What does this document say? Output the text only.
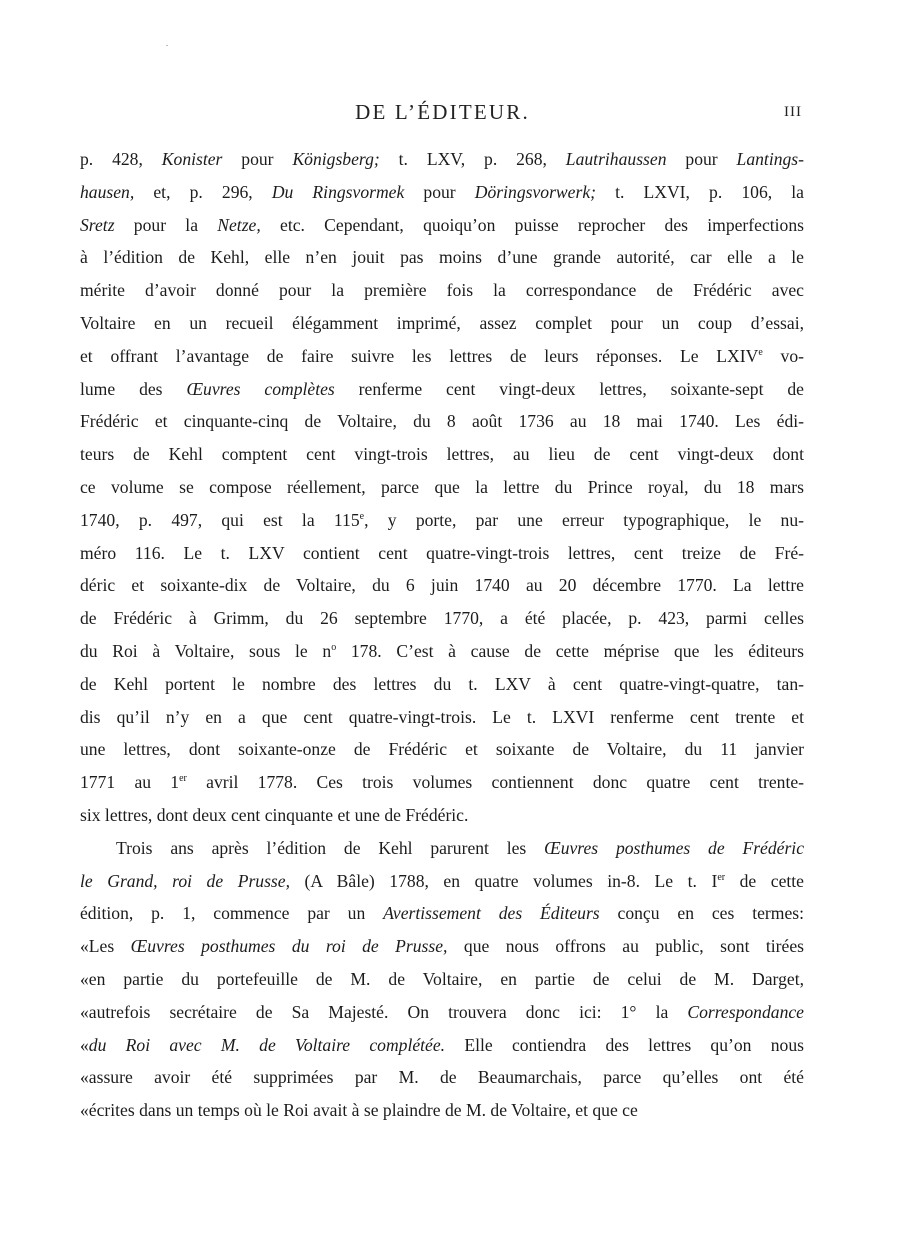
DE L’ÉDITEUR.	III
p. 428, Konister pour Königsberg; t. LXV, p. 268, Lautrihaussen pour Lantings-
hausen, et, p. 296, Du Ringsvormek pour Döringsvorwerk; t. LXVI, p. 106, la
Sretz pour la Netze, etc. Cependant, quoiqu’on puisse reprocher des imperfections
à l’édition de Kehl, elle n’en jouit pas moins d’une grande autorité, car elle a le
mérite d’avoir donné pour la première fois la correspondance de Frédéric avec
Voltaire en un recueil élégamment imprimé, assez complet pour un coup d’essai,
et offrant l’avantage de faire suivre les lettres de leurs réponses. Le LXIVe vo-
lume des Œuvres complètes renferme cent vingt-deux lettres, soixante-sept de
Frédéric et cinquante-cinq de Voltaire, du 8 août 1736 au 18 mai 1740. Les édi-
teurs de Kehl comptent cent vingt-trois lettres, au lieu de cent vingt-deux dont
ce volume se compose réellement, parce que la lettre du Prince royal, du 18 mars
1740, p. 497, qui est la 115e, y porte, par une erreur typographique, le nu-
méro 116. Le t. LXV contient cent quatre-vingt-trois lettres, cent treize de Fré-
déric et soixante-dix de Voltaire, du 6 juin 1740 au 20 décembre 1770. La lettre
de Frédéric à Grimm, du 26 septembre 1770, a été placée, p. 423, parmi celles
du Roi à Voltaire, sous le $n^o$ 178. C’est à cause de cette méprise que les éditeurs
de Kehl portent le nombre des lettres du t. LXV à cent quatre-vingt-quatre, tan-
dis qu’il n’y en a que cent quatre-vingt-trois. Le t. LXVI renferme cent trente et
une lettres, dont soixante-onze de Frédéric et soixante de Voltaire, du 11 janvier
1771 au 1er avril 1778. Ces trois volumes contiennent donc quatre cent trente-
six lettres, dont deux cent cinquante et une de Frédéric.
Trois ans après l’édition de Kehl parurent les Œuvres posthumes de Frédéric
le Grand, roi de Prusse, (A Bâle) 1788, en quatre volumes in-8. Le t. Ier de cette
édition, p. 1, commence par un Avertissement des Éditeurs conçu en ces termes:
«Les Œuvres posthumes du roi de Prusse, que nous offrons au public, sont tirées
«en partie du portefeuille de M. de Voltaire, en partie de celui de M. Darget,
«autrefois secrétaire de Sa Majesté. On trouvera donc ici: 1° la Correspondance
«du Roi avec M. de Voltaire complétée. Elle contiendra des lettres qu’on nous
«assure avoir été supprimées par M. de Beaumarchais, parce qu’elles ont été
«écrites dans un temps où le Roi avait à se plaindre de M. de Voltaire, et que ce
